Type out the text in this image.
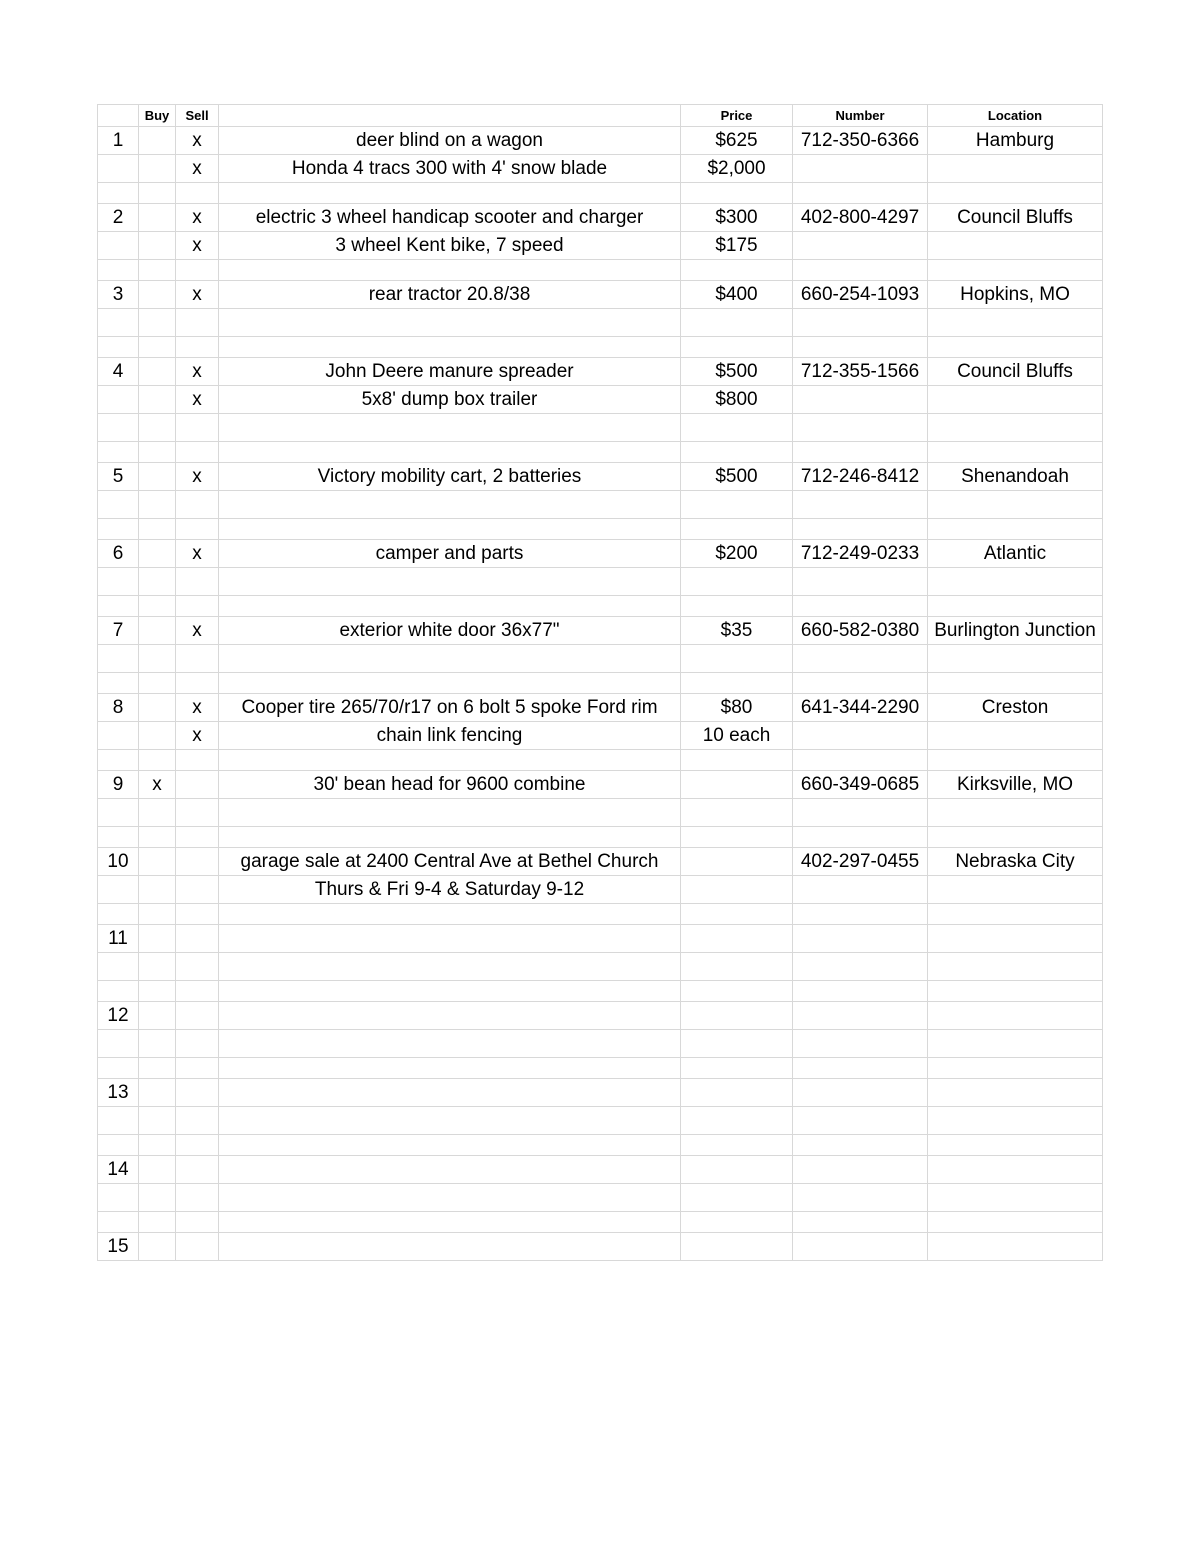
	Buy	Sell		Price	Number	Location
1		x	deer blind on a wagon	$625	712-350-6366	Hamburg
		x	Honda 4 tracs 300 with 4' snow blade	$2,000		

2		x	electric 3 wheel handicap scooter and charger	$300	402-800-4297	Council Bluffs
		x	3 wheel Kent bike, 7 speed	$175		

3		x	rear tractor 20.8/38	$400	660-254-1093	Hopkins, MO

4		x	John Deere manure spreader	$500	712-355-1566	Council Bluffs
		x	5x8' dump box trailer	$800		

5		x	Victory mobility cart, 2 batteries	$500	712-246-8412	Shenandoah

6		x	camper and parts	$200	712-249-0233	Atlantic

7		x	exterior white door 36x77"	$35	660-582-0380	Burlington Junction

8		x	Cooper tire 265/70/r17 on 6 bolt 5 spoke Ford rim	$80	641-344-2290	Creston
		x	chain link fencing	10 each		

9	x		30' bean head for 9600 combine		660-349-0685	Kirksville, MO

10			garage sale at 2400 Central Ave at Bethel Church		402-297-0455	Nebraska City
			Thurs & Fri 9-4 & Saturday 9-12			

11						

12						

13						

14						

15						
